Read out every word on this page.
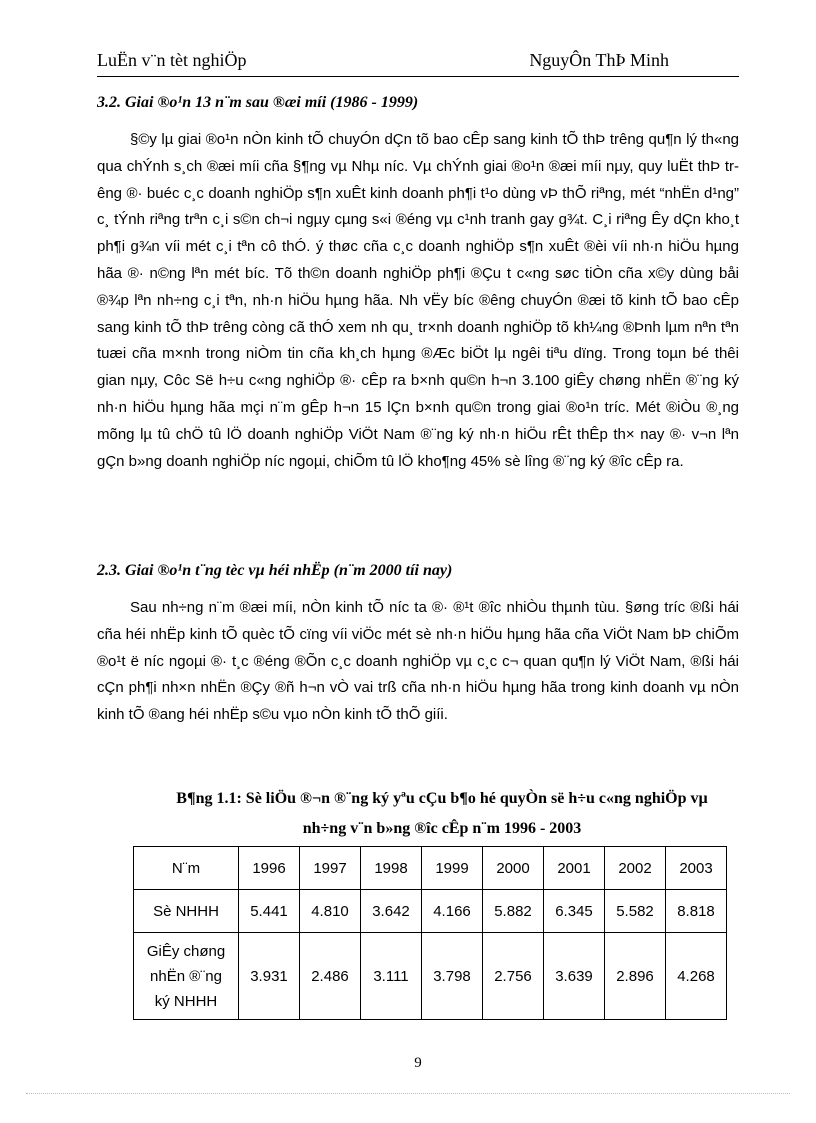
LuËn v¨n tèt nghiÖp	NguyÔn ThÞ Minh
3.2. Giai ®o¹n 13 n¨m sau ®æi míi (1986 - 1999)

§©y lµ giai ®o¹n nÒn kinh tÕ chuyÓn dÇn tõ bao cÊp sang kinh tÕ thÞ trêng qu¶n lý th«ng qua chÝnh s¸ch ®æi míi cña §¶ng vµ Nhµ níc. Vµ chÝnh giai ®o¹n ®æi míi nµy, quy luËt thÞ trêng ®· buéc c¸c doanh nghiÖp s¶n xuÊt kinh doanh ph¶i t¹o dùng vÞ thÕ riªng, mét “nhËn d¹ng” c¸ tÝnh riªng trªn c¸i s©n ch¬i ngµy cµng s«i ®éng vµ c¹nh tranh gay g¾t. C¸i riªng Êy dÇn kho¸t ph¶i g¾n víi mét c¸i tªn cô thÓ. ý thøc cña c¸c doanh nghiÖp s¶n xuÊt ®èi víi nh·n hiÖu hµng hãa ®· n©ng lªn mét bíc. Tõ th©n doanh nghiÖp ph¶i ®Çu t c«ng søc tiÒn cña x©y dùng båi ®¾p lªn nh÷ng c¸i tªn, nh·n hiÖu hµng hãa. Nh vËy bíc ®êng chuyÓn ®æi tõ kinh tÕ bao cÊp sang kinh tÕ thÞ trêng còng cã thÓ xem nh qu¸ tr×nh doanh nghiÖp tõ kh¼ng ®Þnh lµm nªn tªn tuæi cña m×nh trong niÒm tin cña kh¸ch hµng ®Æc biÖt lµ ngêi tiªu dïng. Trong toµn bé thêi gian nµy, Côc Së h÷u c«ng nghiÖp ®· cÊp ra b×nh qu©n h¬n 3.100 giÊy chøng nhËn ®¨ng ký nh·n hiÖu hµng hãa mçi n¨m gÊp h¬n 15 lÇn b×nh qu©n trong giai ®o¹n tríc. Mét ®iÒu ®¸ng mõng lµ tû chÖ tû lÖ doanh nghiÖp ViÖt Nam ®¨ng ký nh·n hiÖu rÊt thÊp th× nay ®· v¬n lªn gÇn b»ng doanh nghiÖp níc ngoµi, chiÕm tû lÖ kho¶ng 45% sè lîng ®¨ng ký ®îc cÊp ra.

2.3. Giai ®o¹n t¨ng tèc vµ héi nhËp (n¨m 2000 tíi nay)

Sau nh÷ng n¨m ®æi míi, nÒn kinh tÕ níc ta ®· ®¹t ®îc nhiÒu thµnh tùu. §øng tríc ®ßi hái cña héi nhËp kinh tÕ quèc tÕ cïng víi viÖc mét sè nh·n hiÖu hµng hãa cña ViÖt Nam bÞ chiÕm ®o¹t ë níc ngoµi ®· t¸c ®éng ®Õn c¸c doanh nghiÖp vµ c¸c c¬ quan qu¶n lý ViÖt Nam, ®ßi hái cÇn ph¶i nh×n nhËn ®Çy ®ñ h¬n vÒ vai trß cña nh·n hiÖu hµng hãa trong kinh doanh vµ nÒn kinh tÕ ®ang héi nhËp s©u vµo nÒn kinh tÕ thÕ giíi.

B¶ng 1.1: Sè liÖu ®¬n ®¨ng ký yªu cÇu b¶o hé quyÒn së h÷u c«ng nghiÖp vµ
nh÷ng v¨n b»ng ®îc cÊp n¨m 1996 - 2003
N¨m	1996	1997	1998	1999	2000	2001	2002	2003
Sè NHHH	5.441	4.810	3.642	4.166	5.882	6.345	5.582	8.818

GiÊy chøng
nhËn ®¨ng
ký NHHH	3.931	2.486	3.111	3.798	2.756	3.639	2.896	4.268
9
